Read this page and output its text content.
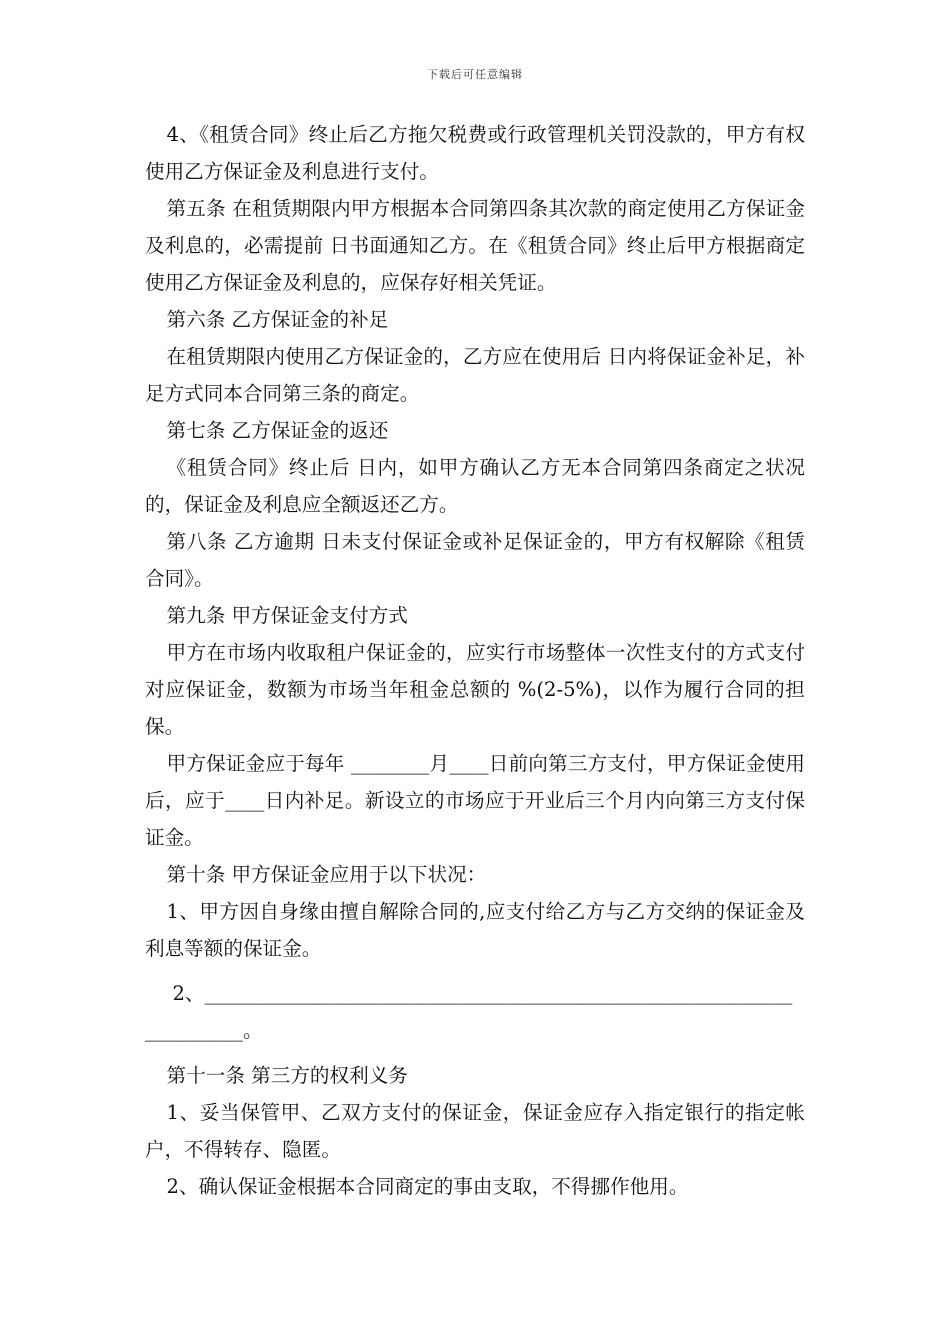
下载后可任意编辑

4、《租赁合同》终止后乙方拖欠税费或行政管理机关罚没款的，甲方有权使用乙方保证金及利息进行支付。

第五条 在租赁期限内甲方根据本合同第四条其次款的商定使用乙方保证金及利息的，必需提前 日书面通知乙方。在《租赁合同》终止后甲方根据商定使用乙方保证金及利息的，应保存好相关凭证。

第六条 乙方保证金的补足

在租赁期限内使用乙方保证金的，乙方应在使用后 日内将保证金补足，补足方式同本合同第三条的商定。

第七条 乙方保证金的返还

《租赁合同》终止后 日内，如甲方确认乙方无本合同第四条商定之状况的，保证金及利息应全额返还乙方。

第八条 乙方逾期 日未支付保证金或补足保证金的，甲方有权解除《租赁合同》。

第九条 甲方保证金支付方式

甲方在市场内收取租户保证金的，应实行市场整体一次性支付的方式支付对应保证金，数额为市场当年租金总额的 %(2-5%)，以作为履行合同的担保。

甲方保证金应于每年 ________月____日前向第三方支付，甲方保证金使用后，应于____日内补足。新设立的市场应于开业后三个月内向第三方支付保证金。

第十条 甲方保证金应用于以下状况：

1、甲方因自身缘由擅自解除合同的,应支付给乙方与乙方交纳的保证金及利息等额的保证金。

2、____________________________________________________________

__________。

第十一条 第三方的权利义务

1、妥当保管甲、乙双方支付的保证金，保证金应存入指定银行的指定帐户，不得转存、隐匿。

2、确认保证金根据本合同商定的事由支取，不得挪作他用。
